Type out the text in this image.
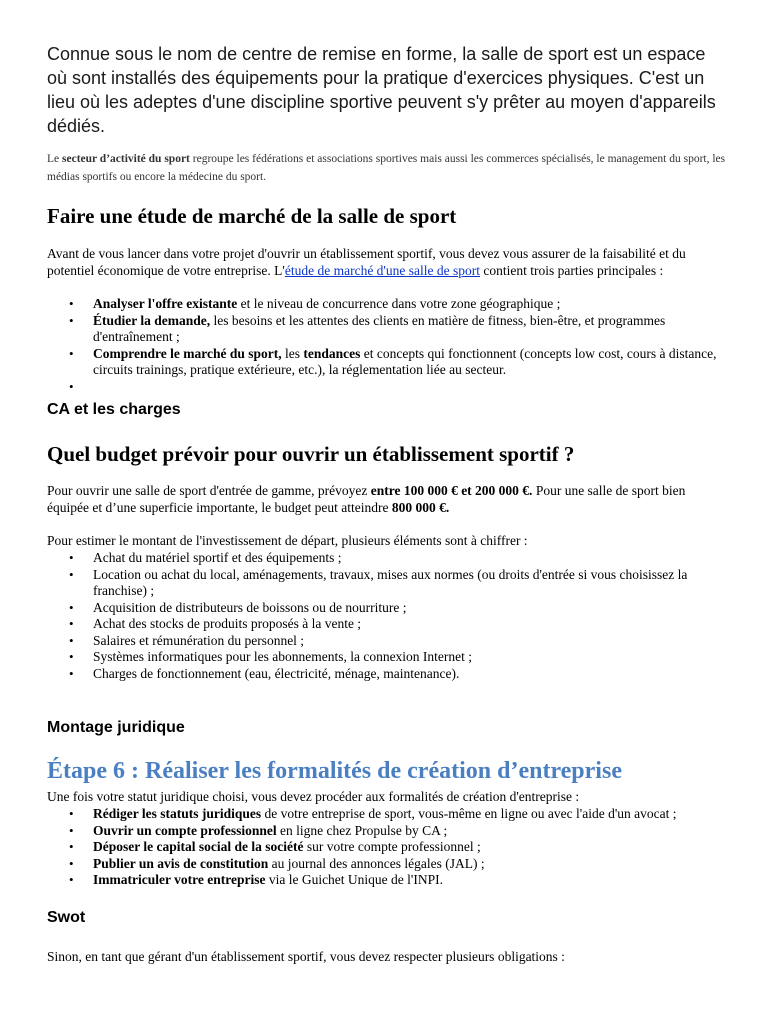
Connue sous le nom de centre de remise en forme, la salle de sport est un espace où sont installés des équipements pour la pratique d'exercices physiques. C'est un lieu où les adeptes d'une discipline sportive peuvent s'y prêter au moyen d'appareils dédiés.

Le secteur d’activité du sport regroupe les fédérations et associations sportives mais aussi les commerces spécialisés, le management du sport, les médias sportifs ou encore la médecine du sport.

Faire une étude de marché de la salle de sport

Avant de vous lancer dans votre projet d'ouvrir un établissement sportif, vous devez vous assurer de la faisabilité et du potentiel économique de votre entreprise. L'étude de marché d'une salle de sport contient trois parties principales :

• Analyser l'offre existante et le niveau de concurrence dans votre zone géographique ;
• Étudier la demande, les besoins et les attentes des clients en matière de fitness, bien-être, et programmes d'entraînement ;
• Comprendre le marché du sport, les tendances et concepts qui fonctionnent (concepts low cost, cours à distance, circuits trainings, pratique extérieure, etc.), la réglementation liée au secteur.
•
CA et les charges
Quel budget prévoir pour ouvrir un établissement sportif ?

Pour ouvrir une salle de sport d'entrée de gamme, prévoyez entre 100 000 € et 200 000 €. Pour une salle de sport bien équipée et d’une superficie importante, le budget peut atteindre 800 000 €.

Pour estimer le montant de l'investissement de départ, plusieurs éléments sont à chiffrer :

• Achat du matériel sportif et des équipements ;
• Location ou achat du local, aménagements, travaux, mises aux normes (ou droits d'entrée si vous choisissez la franchise) ;
• Acquisition de distributeurs de boissons ou de nourriture ;
• Achat des stocks de produits proposés à la vente ;
• Salaires et rémunération du personnel ;
• Systèmes informatiques pour les abonnements, la connexion Internet ;
• Charges de fonctionnement (eau, électricité, ménage, maintenance).
Montage juridique
Étape 6 : Réaliser les formalités de création d’entreprise

Une fois votre statut juridique choisi, vous devez procéder aux formalités de création d'entreprise :

• Rédiger les statuts juridiques de votre entreprise de sport, vous-même en ligne ou avec l'aide d'un avocat ;
• Ouvrir un compte professionnel en ligne chez Propulse by CA ;
• Déposer le capital social de la société sur votre compte professionnel ;
• Publier un avis de constitution au journal des annonces légales (JAL) ;
• Immatriculer votre entreprise via le Guichet Unique de l'INPI.
Swot

Sinon, en tant que gérant d'un établissement sportif, vous devez respecter plusieurs obligations :
